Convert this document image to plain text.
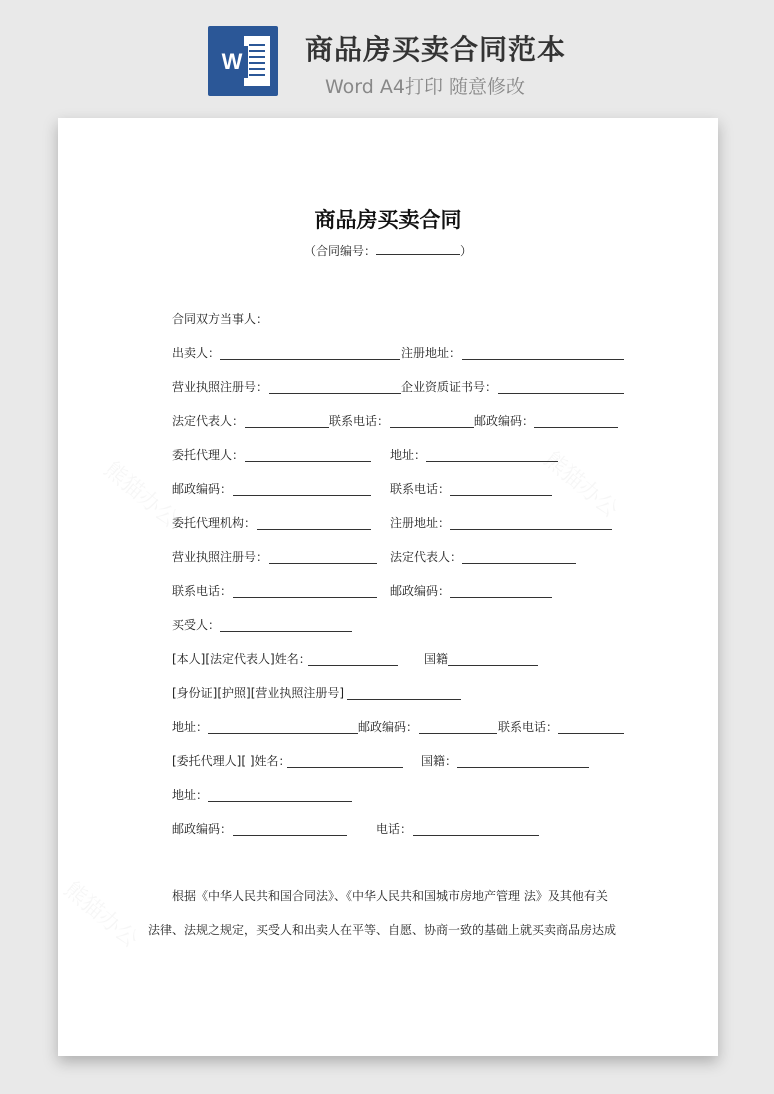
W 商品房买卖合同范本
Word A4打印 随意修改
商品房买卖合同
（合同编号：	）
合同双方当事人：
出卖人：	注册地址：
营业执照注册号：	企业资质证书号：
法定代表人：	联系电话：	邮政编码：
委托代理人：	地址：
邮政编码：	联系电话：
委托代理机构：	注册地址：
营业执照注册号：	法定代表人：
联系电话：	邮政编码：
买受人：
[本人][法定代表人]姓名：	国籍
[身份证][护照][营业执照注册号]
地址：	邮政编码：	联系电话：
[委托代理人][ ]姓名：	国籍：
地址：
邮政编码：	电话：
根据《中华人民共和国合同法》、《中华人民共和国城市房地产管理 法》及其他有关
法律、法规之规定，买受人和出卖人在平等、自愿、协商一致的基础上就买卖商品房达成
